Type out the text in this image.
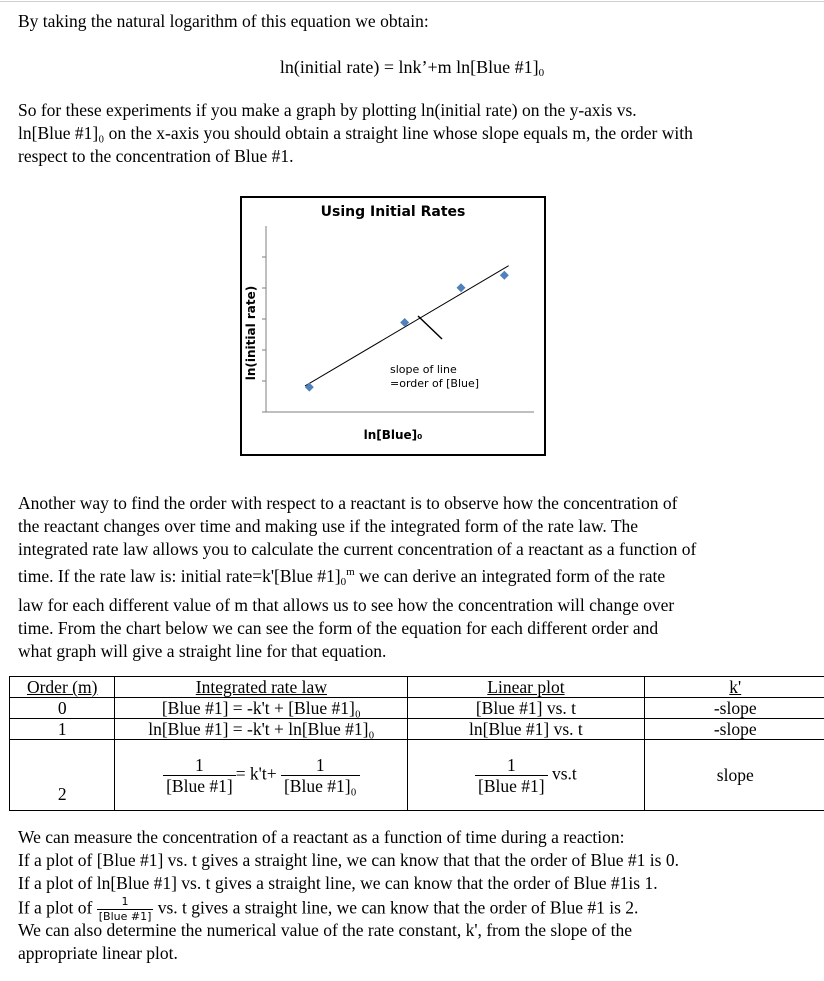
By taking the natural logarithm of this equation we obtain:

ln(initial rate) = lnk’+m ln[Blue $\#1]_0$
So for these experiments if you make a graph by plotting ln(initial rate) on the y-axis vs.
ln[Blue #1]₀ on the x-axis you should obtain a straight line whose slope equals m, the order with
respect to the concentration of Blue #1.
Using Initial Rates
ln(initial rate)	slope of line
=order of [Blue]
ln[Blue]₀
Another way to find the order with respect to a reactant is to observe how the concentration of
the reactant changes over time and making use if the integrated form of the rate law. The
integrated rate law allows you to calculate the current concentration of a reactant as a function of
time. If the rate law is: initial rate=k'[Blue $\#1]_0^m$ we can derive an integrated form of the rate
law for each different value of m that allows us to see how the concentration will change over
time. From the chart below we can see the form of the equation for each different order and
what graph will give a straight line for that equation.
Order (m)	Integrated rate law	Linear plot	k'
0	[Blue #1] = -k't + [Blue #1]₀	[Blue #1] vs. t	-slope
1	ln[Blue #1] = -k't + ln[Blue #1]₀	ln[Blue #1] vs. t	-slope
2	$\frac{1}{\text{[Blue \#1]}} = k't+ \frac{1}{\text{[Blue \#1]₀}}$	$\frac{1}{\text{[Blue \#1]}} vs.t$	slope
We can measure the concentration of a reactant as a function of time during a reaction:
If a plot of [Blue #1] vs. t gives a straight line, we can know that that the order of Blue #1 is 0.
If a plot of ln[Blue #1] vs. t gives a straight line, we can know that the order of Blue #1is 1.
If a plot of $\frac{1}{\text{[Blue \#1]}}$ vs. t gives a straight line, we can know that the order of Blue #1 is 2.
We can also determine the numerical value of the rate constant, k', from the slope of the
appropriate linear plot.
